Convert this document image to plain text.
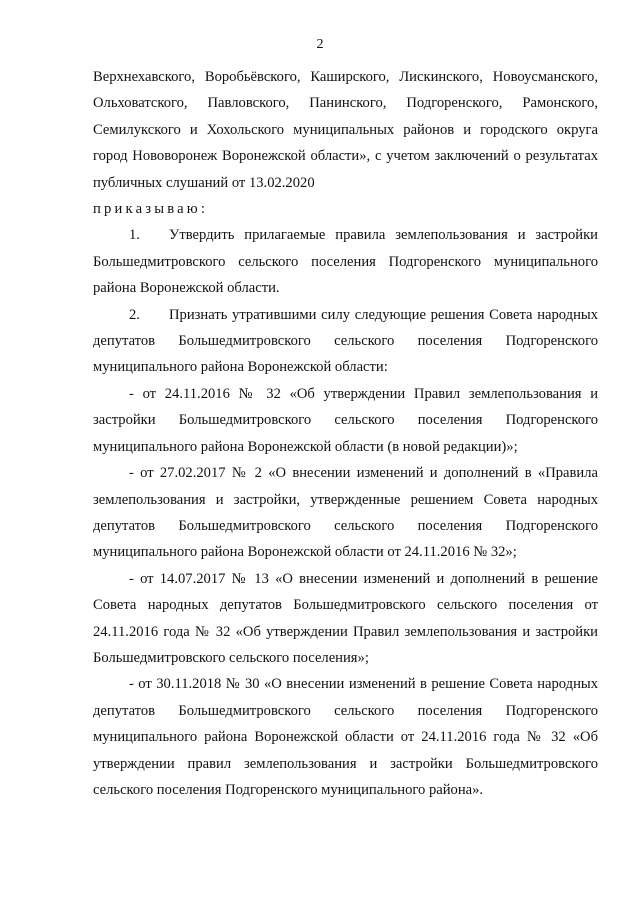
2

Верхнехавского, Воробьёвского, Каширского, Лискинского, Новоусманского, Ольховатского, Павловского, Панинского, Подгоренского, Рамонского, Семилукского и Хохольского муниципальных районов и городского округа город Нововоронеж Воронежской области», с учетом заключений о результатах публичных слушаний от 13.02.2020

приказываю:

1. Утвердить прилагаемые правила землепользования и застройки Большедмитровского сельского поселения Подгоренского муниципального района Воронежской области.

2. Признать утратившими силу следующие решения Совета народных депутатов Большедмитровского сельского поселения Подгоренского муниципального района Воронежской области:

- от 24.11.2016 № 32 «Об утверждении Правил землепользования и застройки Большедмитровского сельского поселения Подгоренского муниципального района Воронежской области (в новой редакции)»;

- от 27.02.2017 № 2 «О внесении изменений и дополнений в «Правила землепользования и застройки, утвержденные решением Совета народных депутатов Большедмитровского сельского поселения Подгоренского муниципального района Воронежской области от 24.11.2016 № 32»;

- от 14.07.2017 № 13 «О внесении изменений и дополнений в решение Совета народных депутатов Большедмитровского сельского поселения от 24.11.2016 года № 32 «Об утверждении Правил землепользования и застройки Большедмитровского сельского поселения»;

- от 30.11.2018 № 30 «О внесении изменений в решение Совета народных депутатов Большедмитровского сельского поселения Подгоренского муниципального района Воронежской области от 24.11.2016 года № 32 «Об утверждении правил землепользования и застройки Большедмитровского сельского поселения Подгоренского муниципального района».
